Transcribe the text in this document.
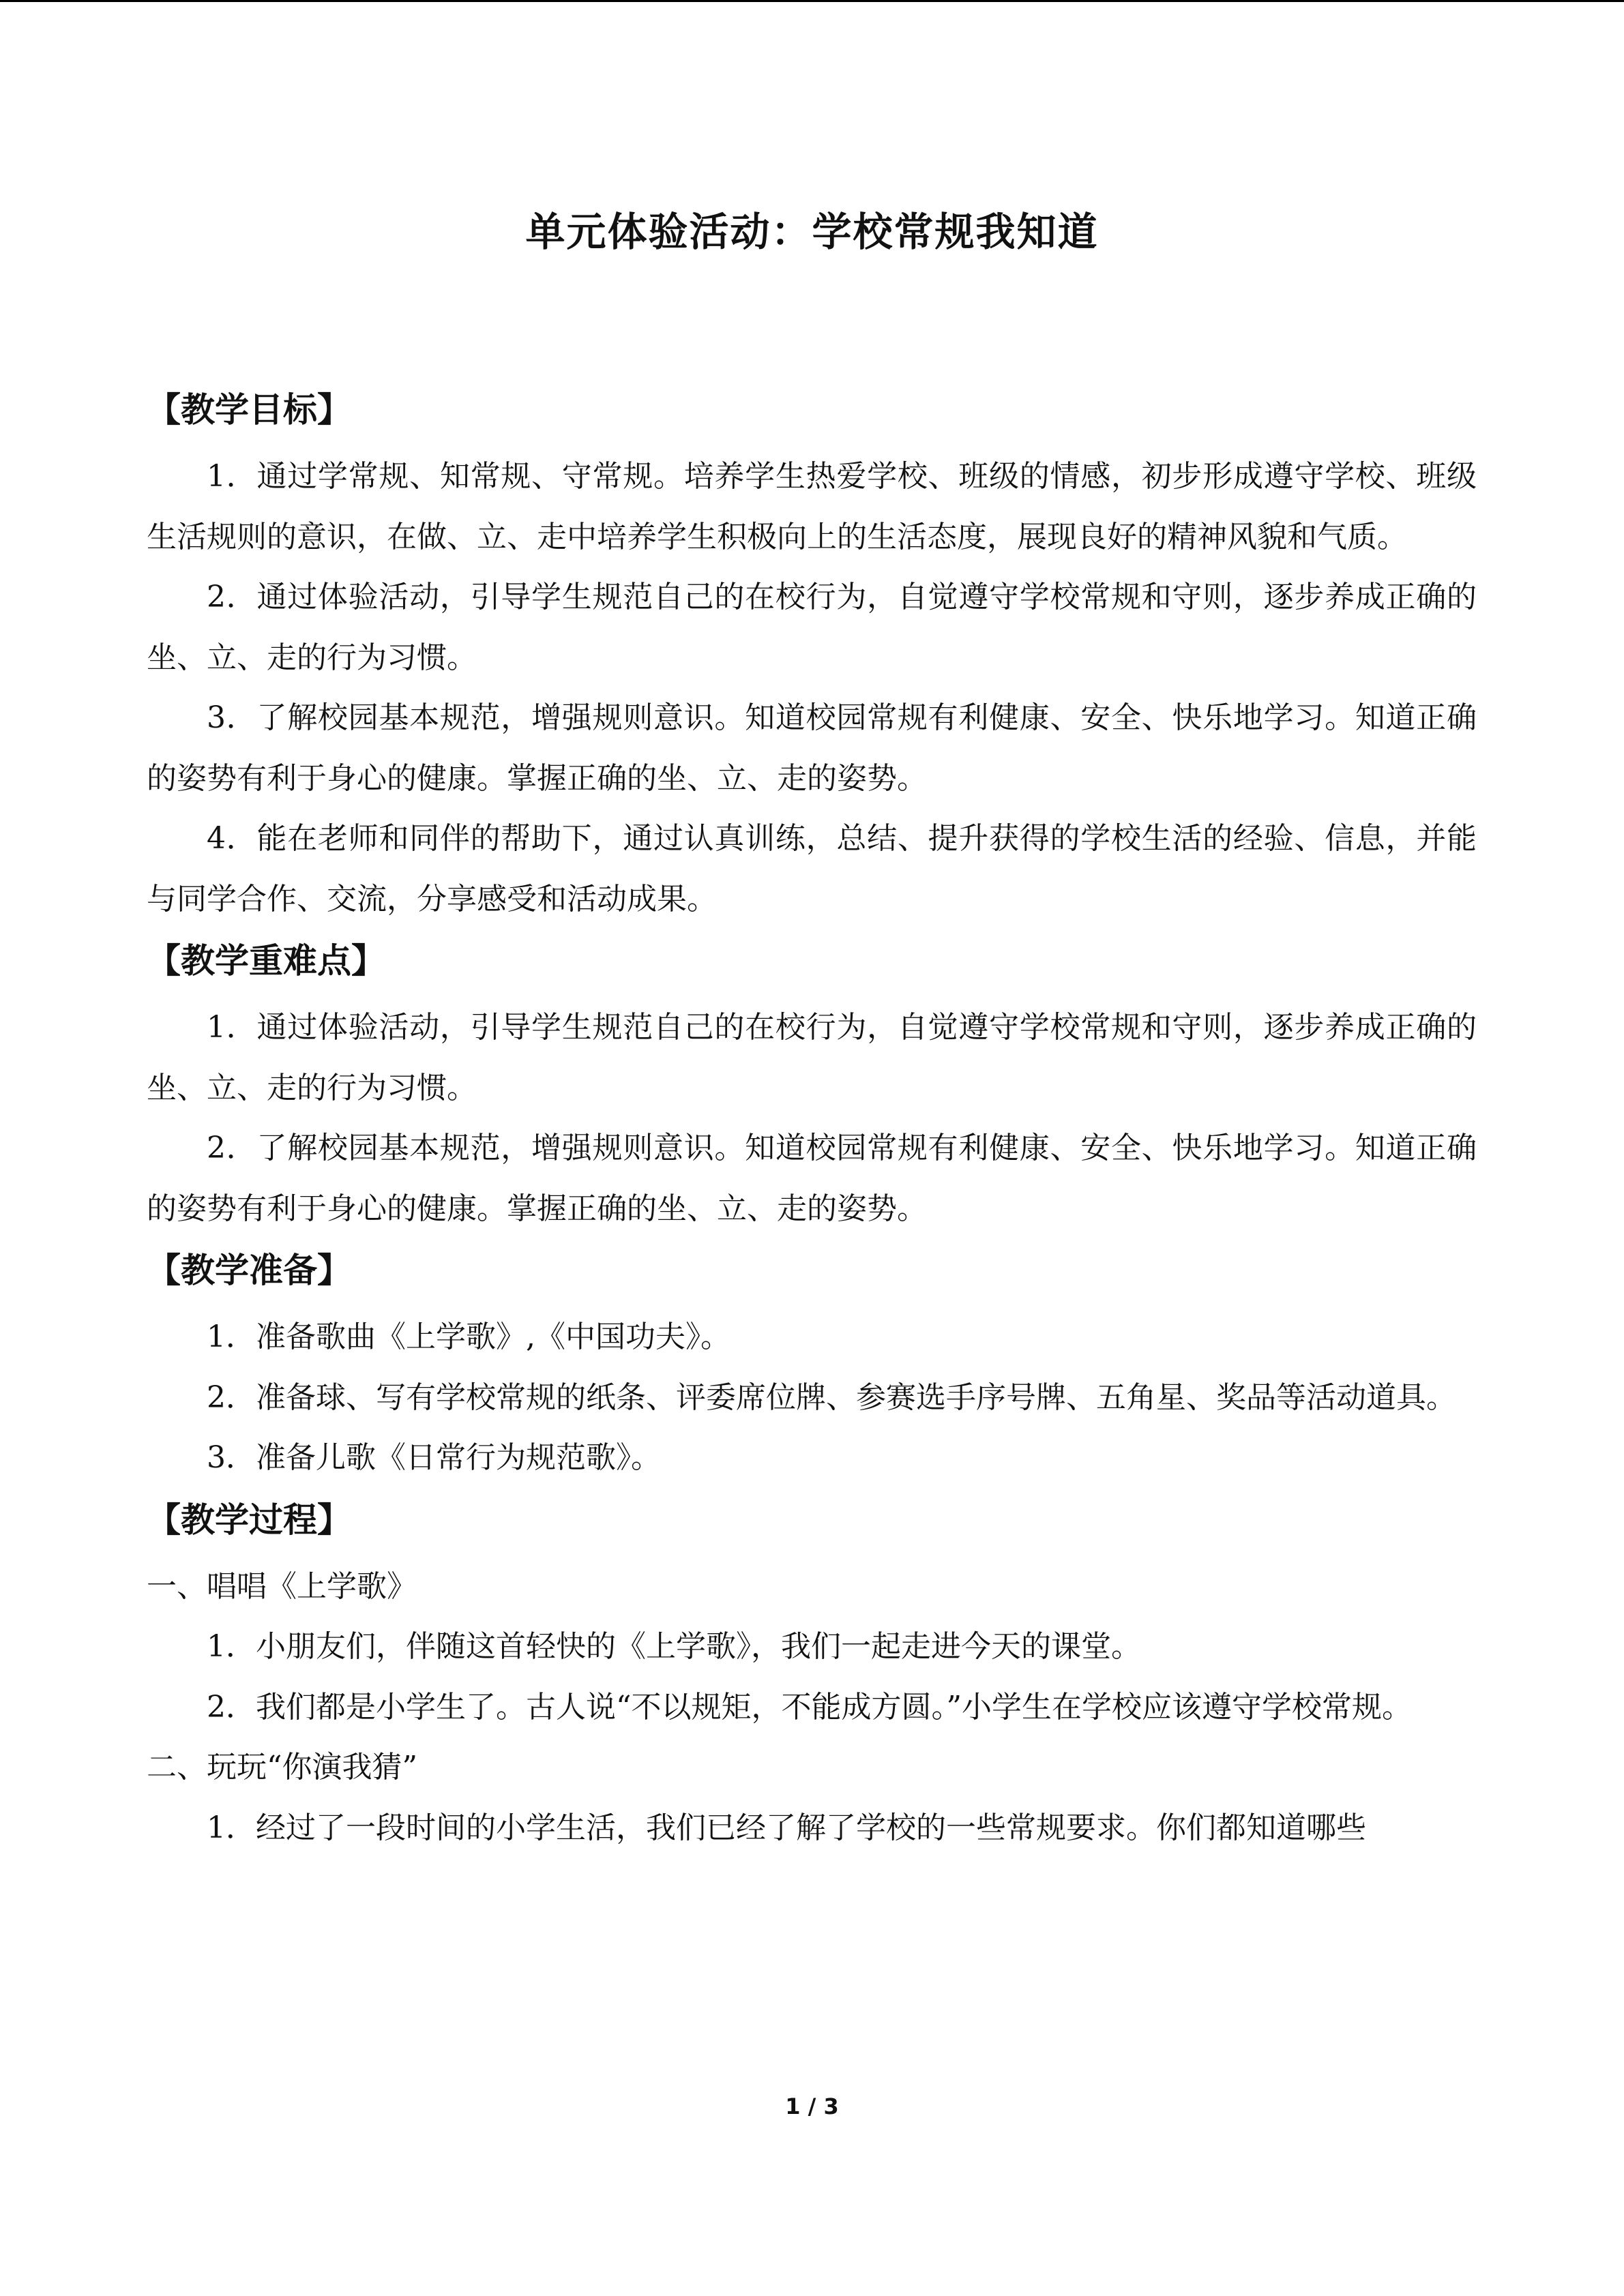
单元体验活动：学校常规我知道
【教学目标】

1．通过学常规、知常规、守常规。培养学生热爱学校、班级的情感，初步形成遵守学校、班级生活规则的意识，在做、立、走中培养学生积极向上的生活态度，展现良好的精神风貌和气质。

2．通过体验活动，引导学生规范自己的在校行为，自觉遵守学校常规和守则，逐步养成正确的坐、立、走的行为习惯。

3．了解校园基本规范，增强规则意识。知道校园常规有利健康、安全、快乐地学习。知道正确的姿势有利于身心的健康。掌握正确的坐、立、走的姿势。

4．能在老师和同伴的帮助下，通过认真训练，总结、提升获得的学校生活的经验、信息，并能与同学合作、交流，分享感受和活动成果。

【教学重难点】

1．通过体验活动，引导学生规范自己的在校行为，自觉遵守学校常规和守则，逐步养成正确的坐、立、走的行为习惯。

2．了解校园基本规范，增强规则意识。知道校园常规有利健康、安全、快乐地学习。知道正确的姿势有利于身心的健康。掌握正确的坐、立、走的姿势。

【教学准备】

1．准备歌曲《上学歌》,《中国功夫》。

2．准备球、写有学校常规的纸条、评委席位牌、参赛选手序号牌、五角星、奖品等活动道具。

3．准备儿歌《日常行为规范歌》。

【教学过程】

一、唱唱《上学歌》

1．小朋友们，伴随这首轻快的《上学歌》，我们一起走进今天的课堂。

2．我们都是小学生了。古人说“不以规矩，不能成方圆。”小学生在学校应该遵守学校常规。

二、玩玩“你演我猜”

1．经过了一段时间的小学生活，我们已经了解了学校的一些常规要求。你们都知道哪些

1 / 3
